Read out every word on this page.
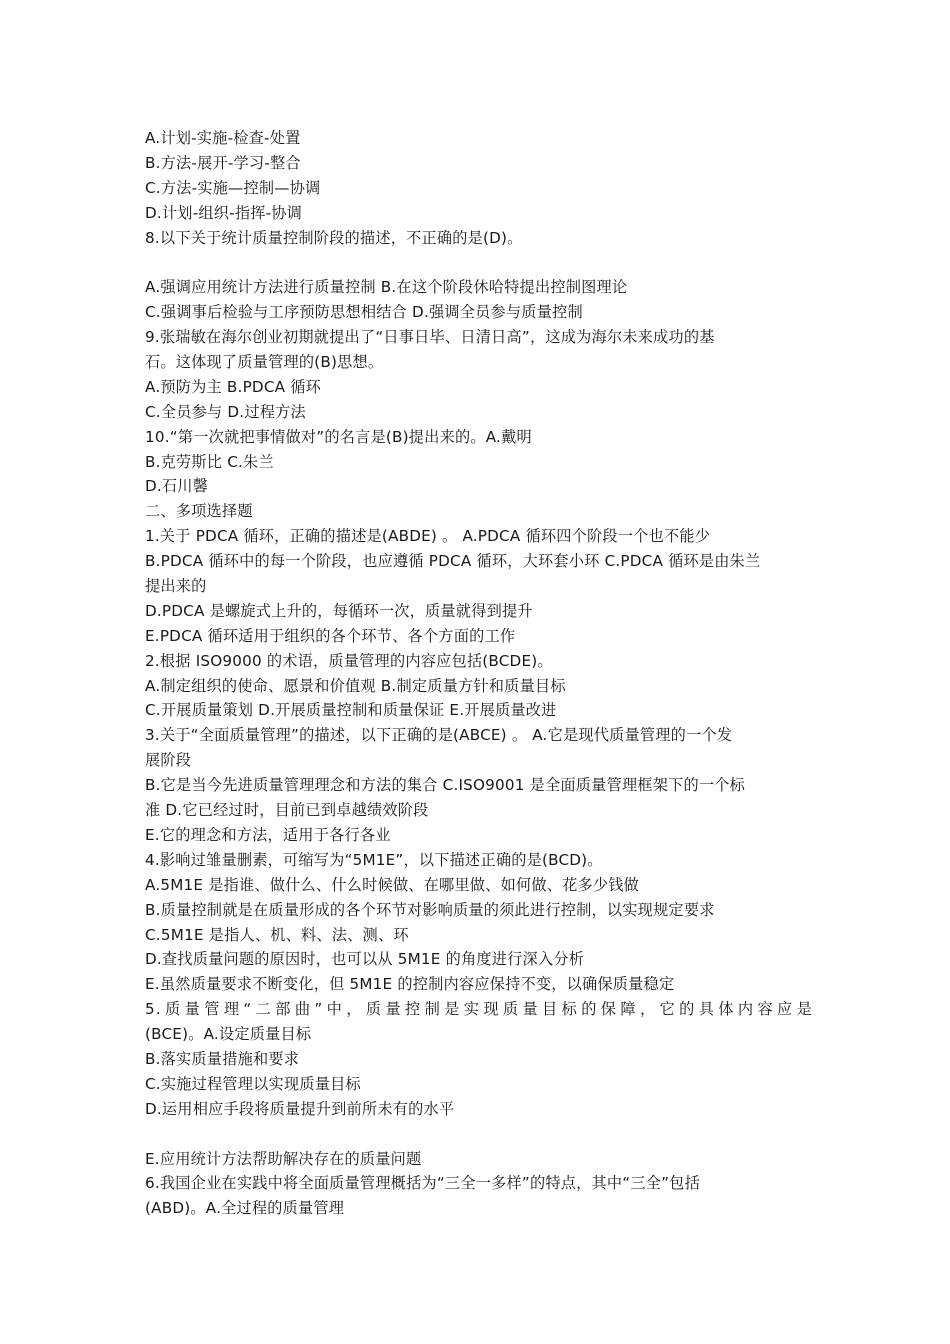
A.计划-实施-检查-处置
B.方法-展开-学习-整合
C.方法-实施—控制—协调
D.计划-组织-指挥-协调
8.以下关于统计质量控制阶段的描述，不正确的是(D)。
A.强调应用统计方法进行质量控制 B.在这个阶段休哈特提出控制图理论
C.强调事后检验与工序预防思想相结合 D.强调全员参与质量控制
9.张瑞敏在海尔创业初期就提出了“日事日毕、日清日高”，这成为海尔未来成功的基
石。这体现了质量管理的(B)思想。
A.预防为主 B.PDCA 循环
C.全员参与 D.过程方法
10.“第一次就把事情做对”的名言是(B)提出来的。A.戴明
B.克劳斯比 C.朱兰
D.石川馨
二、多项选择题
1.关于 PDCA 循环，正确的描述是(ABDE) 。 A.PDCA 循环四个阶段一个也不能少
B.PDCA 循环中的每一个阶段，也应遵循 PDCA 循环，大环套小环 C.PDCA 循环是由朱兰
提出来的
D.PDCA 是螺旋式上升的，每循环一次，质量就得到提升
E.PDCA 循环适用于组织的各个环节、各个方面的工作
2.根据 ISO9000 的术语，质量管理的内容应包括(BCDE)。
A.制定组织的使命、愿景和价值观 B.制定质量方针和质量目标
C.开展质量策划 D.开展质量控制和质量保证 E.开展质量改进
3.关于“全面质量管理”的描述，以下正确的是(ABCE) 。 A.它是现代质量管理的一个发
展阶段
B.它是当今先进质量管理理念和方法的集合 C.ISO9001 是全面质量管理框架下的一个标
准 D.它已经过时，目前已到卓越绩效阶段
E.它的理念和方法，适用于各行各业
4.影响过雏量删素，可缩写为“5M1E”，以下描述正确的是(BCD)。
A.5M1E 是指谁、做什么、什么时候做、在哪里做、如何做、花多少钱做
B.质量控制就是在质量形成的各个环节对影响质量的须此进行控制，以实现规定要求
C.5M1E 是指人、机、料、法、测、环
D.查找质量问题的原因时，也可以从 5M1E 的角度进行深入分析
E.虽然质量要求不断变化，但 5M1E 的控制内容应保持不变，以确保质量稳定
5.质量管理“二部曲”中，质量控制是实现质量目标的保障，它的具体内容应是
(BCE)。A.设定质量目标
B.落实质量措施和要求
C.实施过程管理以实现质量目标
D.运用相应手段将质量提升到前所未有的水平
E.应用统计方法帮助解决存在的质量问题
6.我国企业在实践中将全面质量管理概括为“三全一多样”的特点，其中“三全”包括
(ABD)。A.全过程的质量管理
